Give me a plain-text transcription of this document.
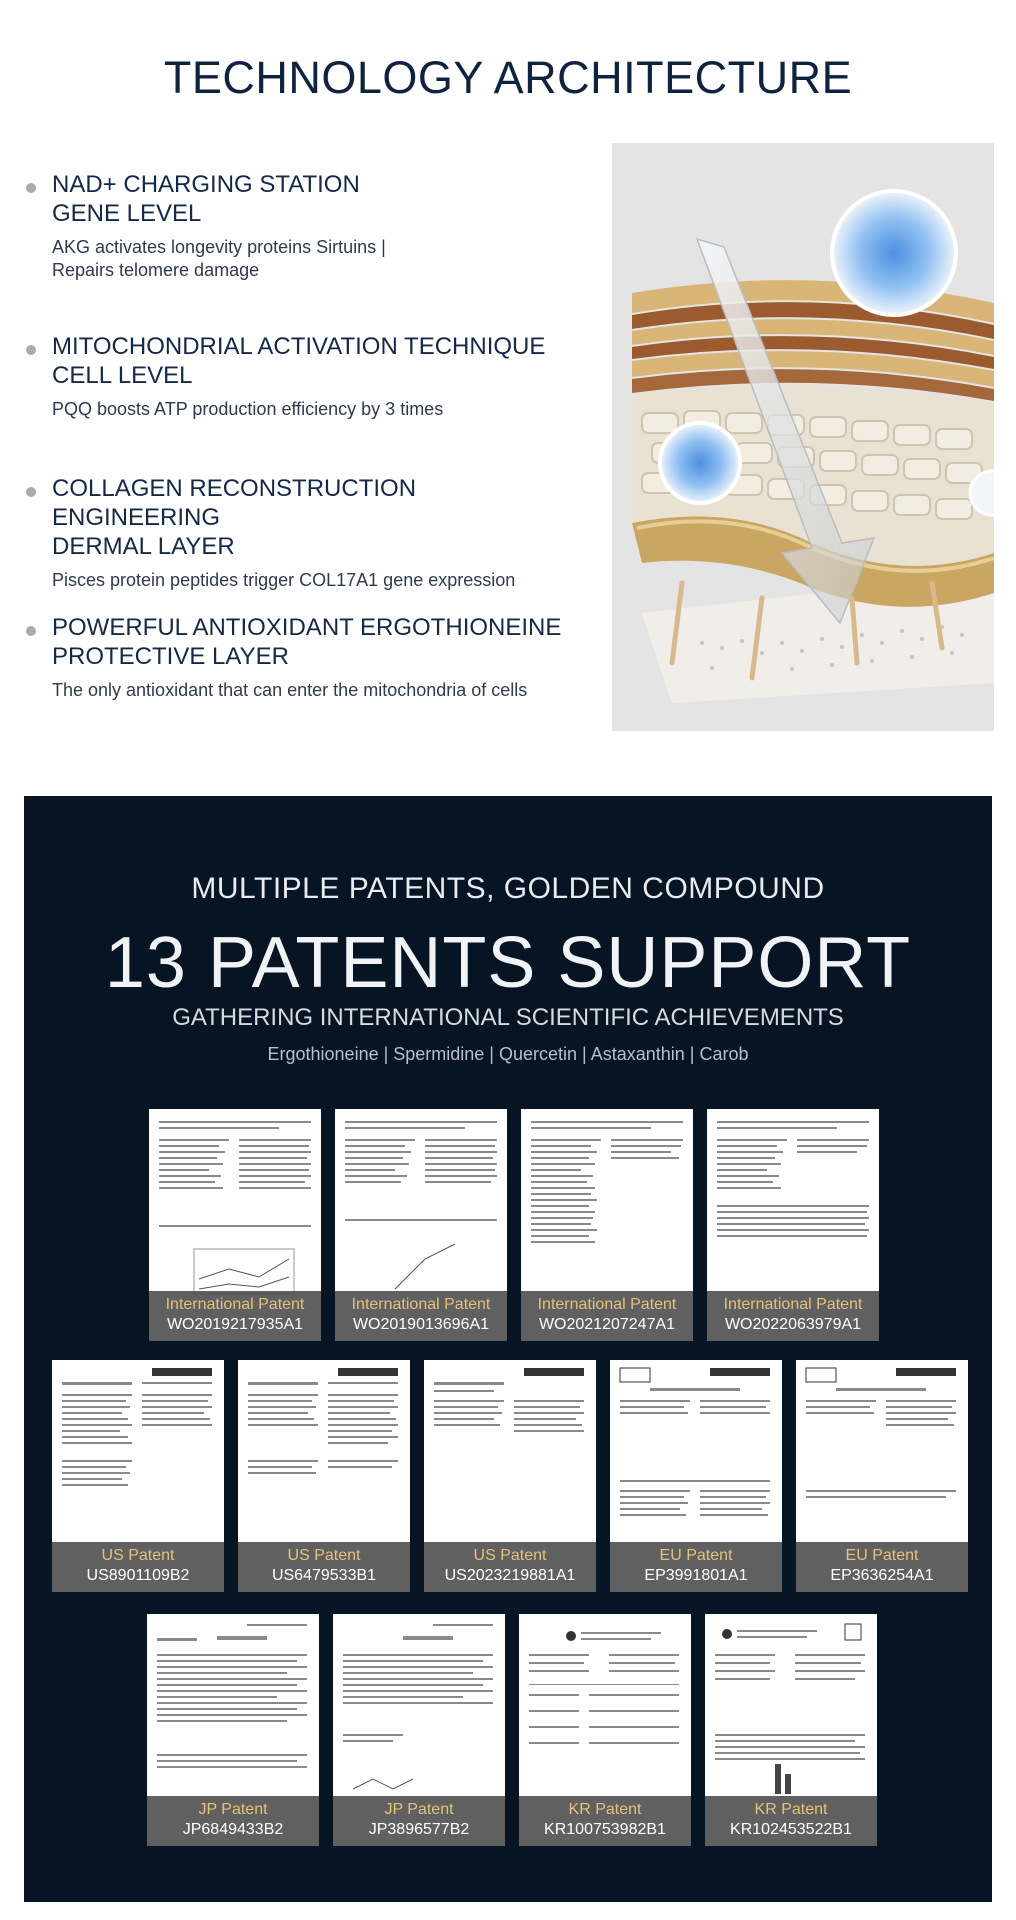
TECHNOLOGY ARCHITECTURE
NAD+ CHARGING STATION
GENE LEVEL
AKG activates longevity proteins Sirtuins |
Repairs telomere damage
MITOCHONDRIAL ACTIVATION TECHNIQUE
CELL LEVEL
PQQ boosts ATP production efficiency by 3 times
COLLAGEN RECONSTRUCTION ENGINEERING
DERMAL LAYER
Pisces protein peptides trigger COL17A1 gene expression
POWERFUL ANTIOXIDANT ERGOTHIONEINE
PROTECTIVE LAYER
The only antioxidant that can enter the mitochondria of cells
MULTIPLE PATENTS, GOLDEN COMPOUND
13 PATENTS SUPPORT
GATHERING INTERNATIONAL SCIENTIFIC ACHIEVEMENTS
Ergothioneine | Spermidine | Quercetin | Astaxanthin | Carob
International Patent
WO2019217935A1
International Patent
WO2019013696A1
International Patent
WO2021207247A1
International Patent
WO2022063979A1
US Patent
US8901109B2
US Patent
US6479533B1
US Patent
US2023219881A1
EU Patent
EP3991801A1
EU Patent
EP3636254A1
JP Patent
JP6849433B2
JP Patent
JP3896577B2
KR Patent
KR100753982B1
KR Patent
KR102453522B1
